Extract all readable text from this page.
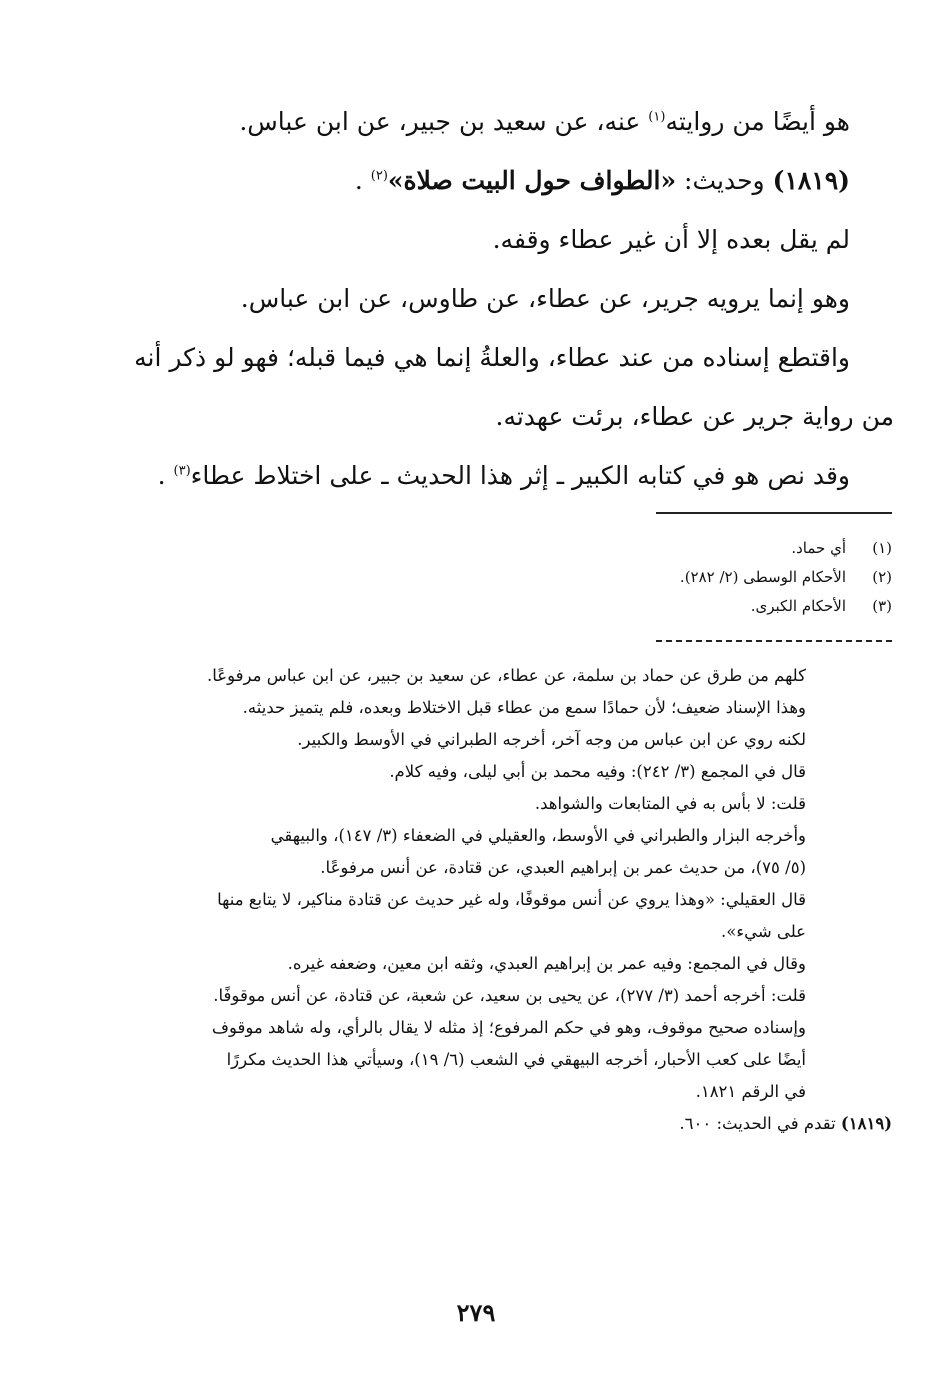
هو أيضًا من روايته$^{(١)}$ عنه، عن سعيد بن جبير، عن ابن عباس.

(١٨١٩) وحديث: «الطواف حول البيت صلاة»$^{(٢)}$ .

لم يقل بعده إلا أن غير عطاء وقفه.

وهو إنما يرويه جرير، عن عطاء، عن طاوس، عن ابن عباس.

واقتطع إسناده من عند عطاء، والعلةُ إنما هي فيما قبله؛ فهو لو ذكر أنه

من رواية جرير عن عطاء، برئت عهدته.

وقد نص هو في كتابه الكبير ـ إثر هذا الحديث ـ على اختلاط عطاء$^{(٣)}$ .

(١)
أي حماد.
(٢)
الأحكام الوسطى (٢/ ٢٨٢).
(٣)
الأحكام الكبرى.
كلهم من طرق عن حماد بن سلمة، عن عطاء، عن سعيد بن جبير، عن ابن عباس مرفوعًا.
وهذا الإسناد ضعيف؛ لأن حمادًا سمع من عطاء قبل الاختلاط وبعده، فلم يتميز حديثه.
لكنه روي عن ابن عباس من وجه آخر، أخرجه الطبراني في الأوسط والكبير.
قال في المجمع (٣/ ٢٤٢): وفيه محمد بن أبي ليلى، وفيه كلام.
قلت: لا بأس به في المتابعات والشواهد.
وأخرجه البزار والطبراني في الأوسط، والعقيلي في الضعفاء (٣/ ١٤٧)، والبيهقي
(٥/ ٧٥)، من حديث عمر بن إبراهيم العبدي، عن قتادة، عن أنس مرفوعًا.
قال العقيلي: «وهذا يروي عن أنس موقوفًا، وله غير حديث عن قتادة مناكير، لا يتابع منها
على شيء».
وقال في المجمع: وفيه عمر بن إبراهيم العبدي، وثقه ابن معين، وضعفه غيره.
قلت: أخرجه أحمد (٣/ ٢٧٧)، عن يحيى بن سعيد، عن شعبة، عن قتادة، عن أنس موقوفًا.
وإسناده صحيح موقوف، وهو في حكم المرفوع؛ إذ مثله لا يقال بالرأي، وله شاهد موقوف
أيضًا على كعب الأحبار، أخرجه البيهقي في الشعب (٦/ ١٩)، وسيأتي هذا الحديث مكررًا
في الرقم ١٨٢١.
(١٨١٩) تقدم في الحديث: ٦٠٠.
٢٧٩
